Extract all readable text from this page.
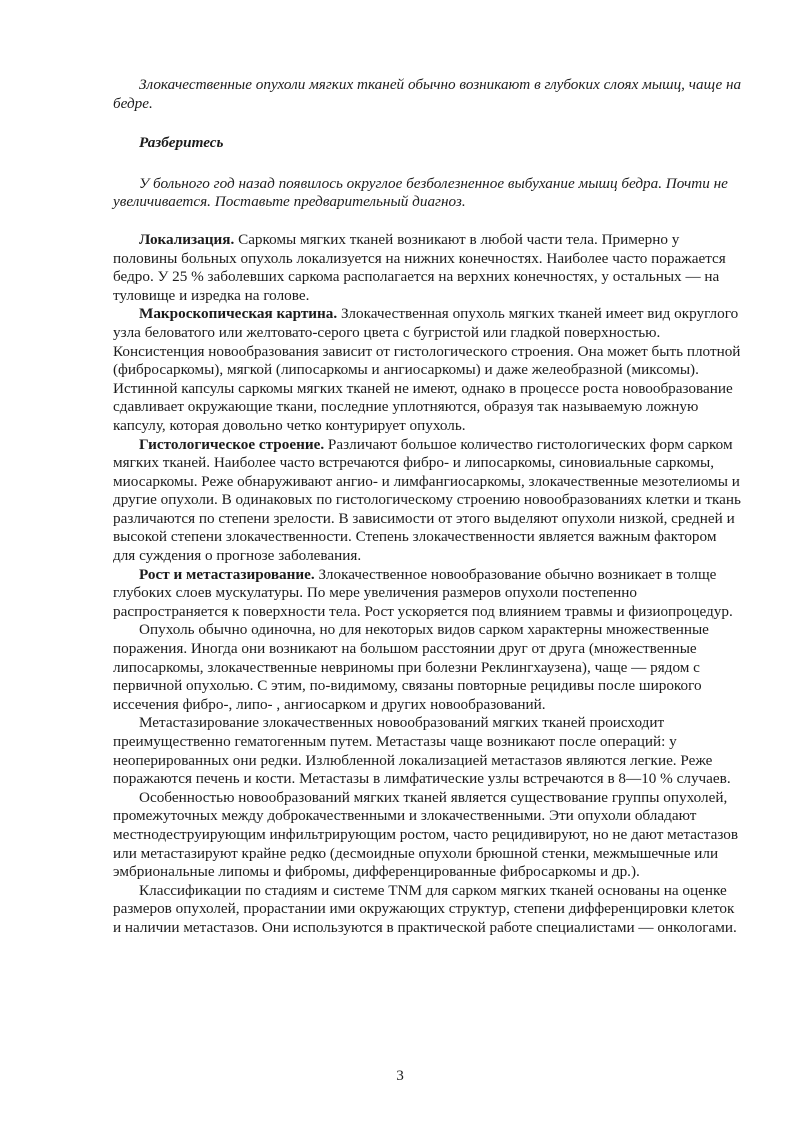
Злокачественные опухоли мягких тканей обычно возникают в глубоких слоях мышц, чаще на бедре.

Разберитесь

У больного год назад появилось округлое безболезненное выбухание мышц бедра. Почти не увеличивается. Поставьте предварительный диагноз.

Локализация. Саркомы мягких тканей возникают в любой части тела. Примерно у половины больных опухоль локализуется на нижних конечностях. Наиболее часто поражается бедро. У 25 % заболевших саркома располагается на верхних конечностях, у остальных — на туловище и изредка на голове.

Макроскопическая картина. Злокачественная опухоль мягких тканей имеет вид округлого узла беловатого или желтовато-серого цвета с бугристой или гладкой поверхностью. Консистенция новообразования зависит от гистологического строения. Она может быть плотной (фибросаркомы), мягкой (липосаркомы и ангиосаркомы) и даже желеобразной (миксомы). Истинной капсулы саркомы мягких тканей не имеют, однако в процессе роста новообразование сдавливает окружающие ткани, последние уплотняются, образуя так называемую ложную капсулу, которая довольно четко контурирует опухоль.

Гистологическое строение. Различают большое количество гистологических форм сарком мягких тканей. Наиболее часто встречаются фибро- и липосаркомы, синовиальные саркомы, миосаркомы. Реже обнаруживают ангио- и лимфангиосаркомы, злокачественные мезотелиомы и другие опухоли. В одинаковых по гистологическому строению новообразованиях клетки и ткань различаются по степени зрелости. В зависимости от этого выделяют опухоли низкой, средней и высокой степени злокачественности. Степень злокачественности является важным фактором для суждения о прогнозе заболевания.

Рост и метастазирование. Злокачественное новообразование обычно возникает в толще глубоких слоев мускулатуры. По мере увеличения размеров опухоли постепенно распространяется к поверхности тела. Рост ускоряется под влиянием травмы и физиопроцедур.

Опухоль обычно одиночна, но для некоторых видов сарком характерны множественные поражения. Иногда они возникают на большом расстоянии друг от друга (множественные липосаркомы, злокачественные невриномы при болезни Реклингхаузена), чаще — рядом с первичной опухолью. С этим, по-видимому, связаны повторные рецидивы после широкого иссечения фибро-, липо- , ангиосарком и других новообразований.

Метастазирование злокачественных новообразований мягких тканей происходит преимущественно гематогенным путем. Метастазы чаще возникают после операций: у неоперированных они редки. Излюбленной локализацией метастазов являются легкие. Реже поражаются печень и кости. Метастазы в лимфатические узлы встречаются в 8—10 % случаев.

Особенностью новообразований мягких тканей является существование группы опухолей, промежуточных между доброкачественными и злокачественными. Эти опухоли обладают местнодеструирующим инфильтрирующим ростом, часто рецидивируют, но не дают метастазов или метастазируют крайне редко (десмоидные опухоли брюшной стенки, межмышечные или эмбриональные липомы и фибромы, дифференцированные фибросаркомы и др.).

Классификации по стадиям и системе TNM для сарком мягких тканей основаны на оценке размеров опухолей, прорастании ими окружающих структур, степени дифференцировки клеток и наличии метастазов. Они используются в практической работе специалистами — онкологами.

3
